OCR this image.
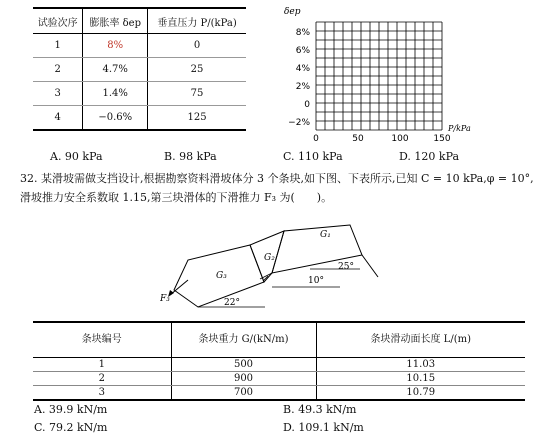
试验次序	膨胀率 δep	垂直压力 P/(kPa)
1	8%	0
2	4.7%	25
3	1.4%	75
4	−0.6%	125
δep
8%
6%
4%
2%
0
−2%
0	50	100	150
P/kPa
A. 90 kPa	B. 98 kPa	C. 110 kPa	D. 120 kPa
32. 某滑坡需做支挡设计,根据勘察资料滑坡体分 3 个条块,如下图、下表所示,已知 C = 10 kPa,φ = 10°,滑坡推力安全系数取 1.15,第三块滑体的下滑推力 F₃ 为(　　)。
G₁
G₂
G₃
F₃
25°
10°
22°
条块编号	条块重力 G/(kN/m)	条块滑动面长度 L/(m)
1	500	11.03
2	900	10.15
3	700	10.79
A. 39.9 kN/m	B. 49.3 kN/m
C. 79.2 kN/m	D. 109.1 kN/m
